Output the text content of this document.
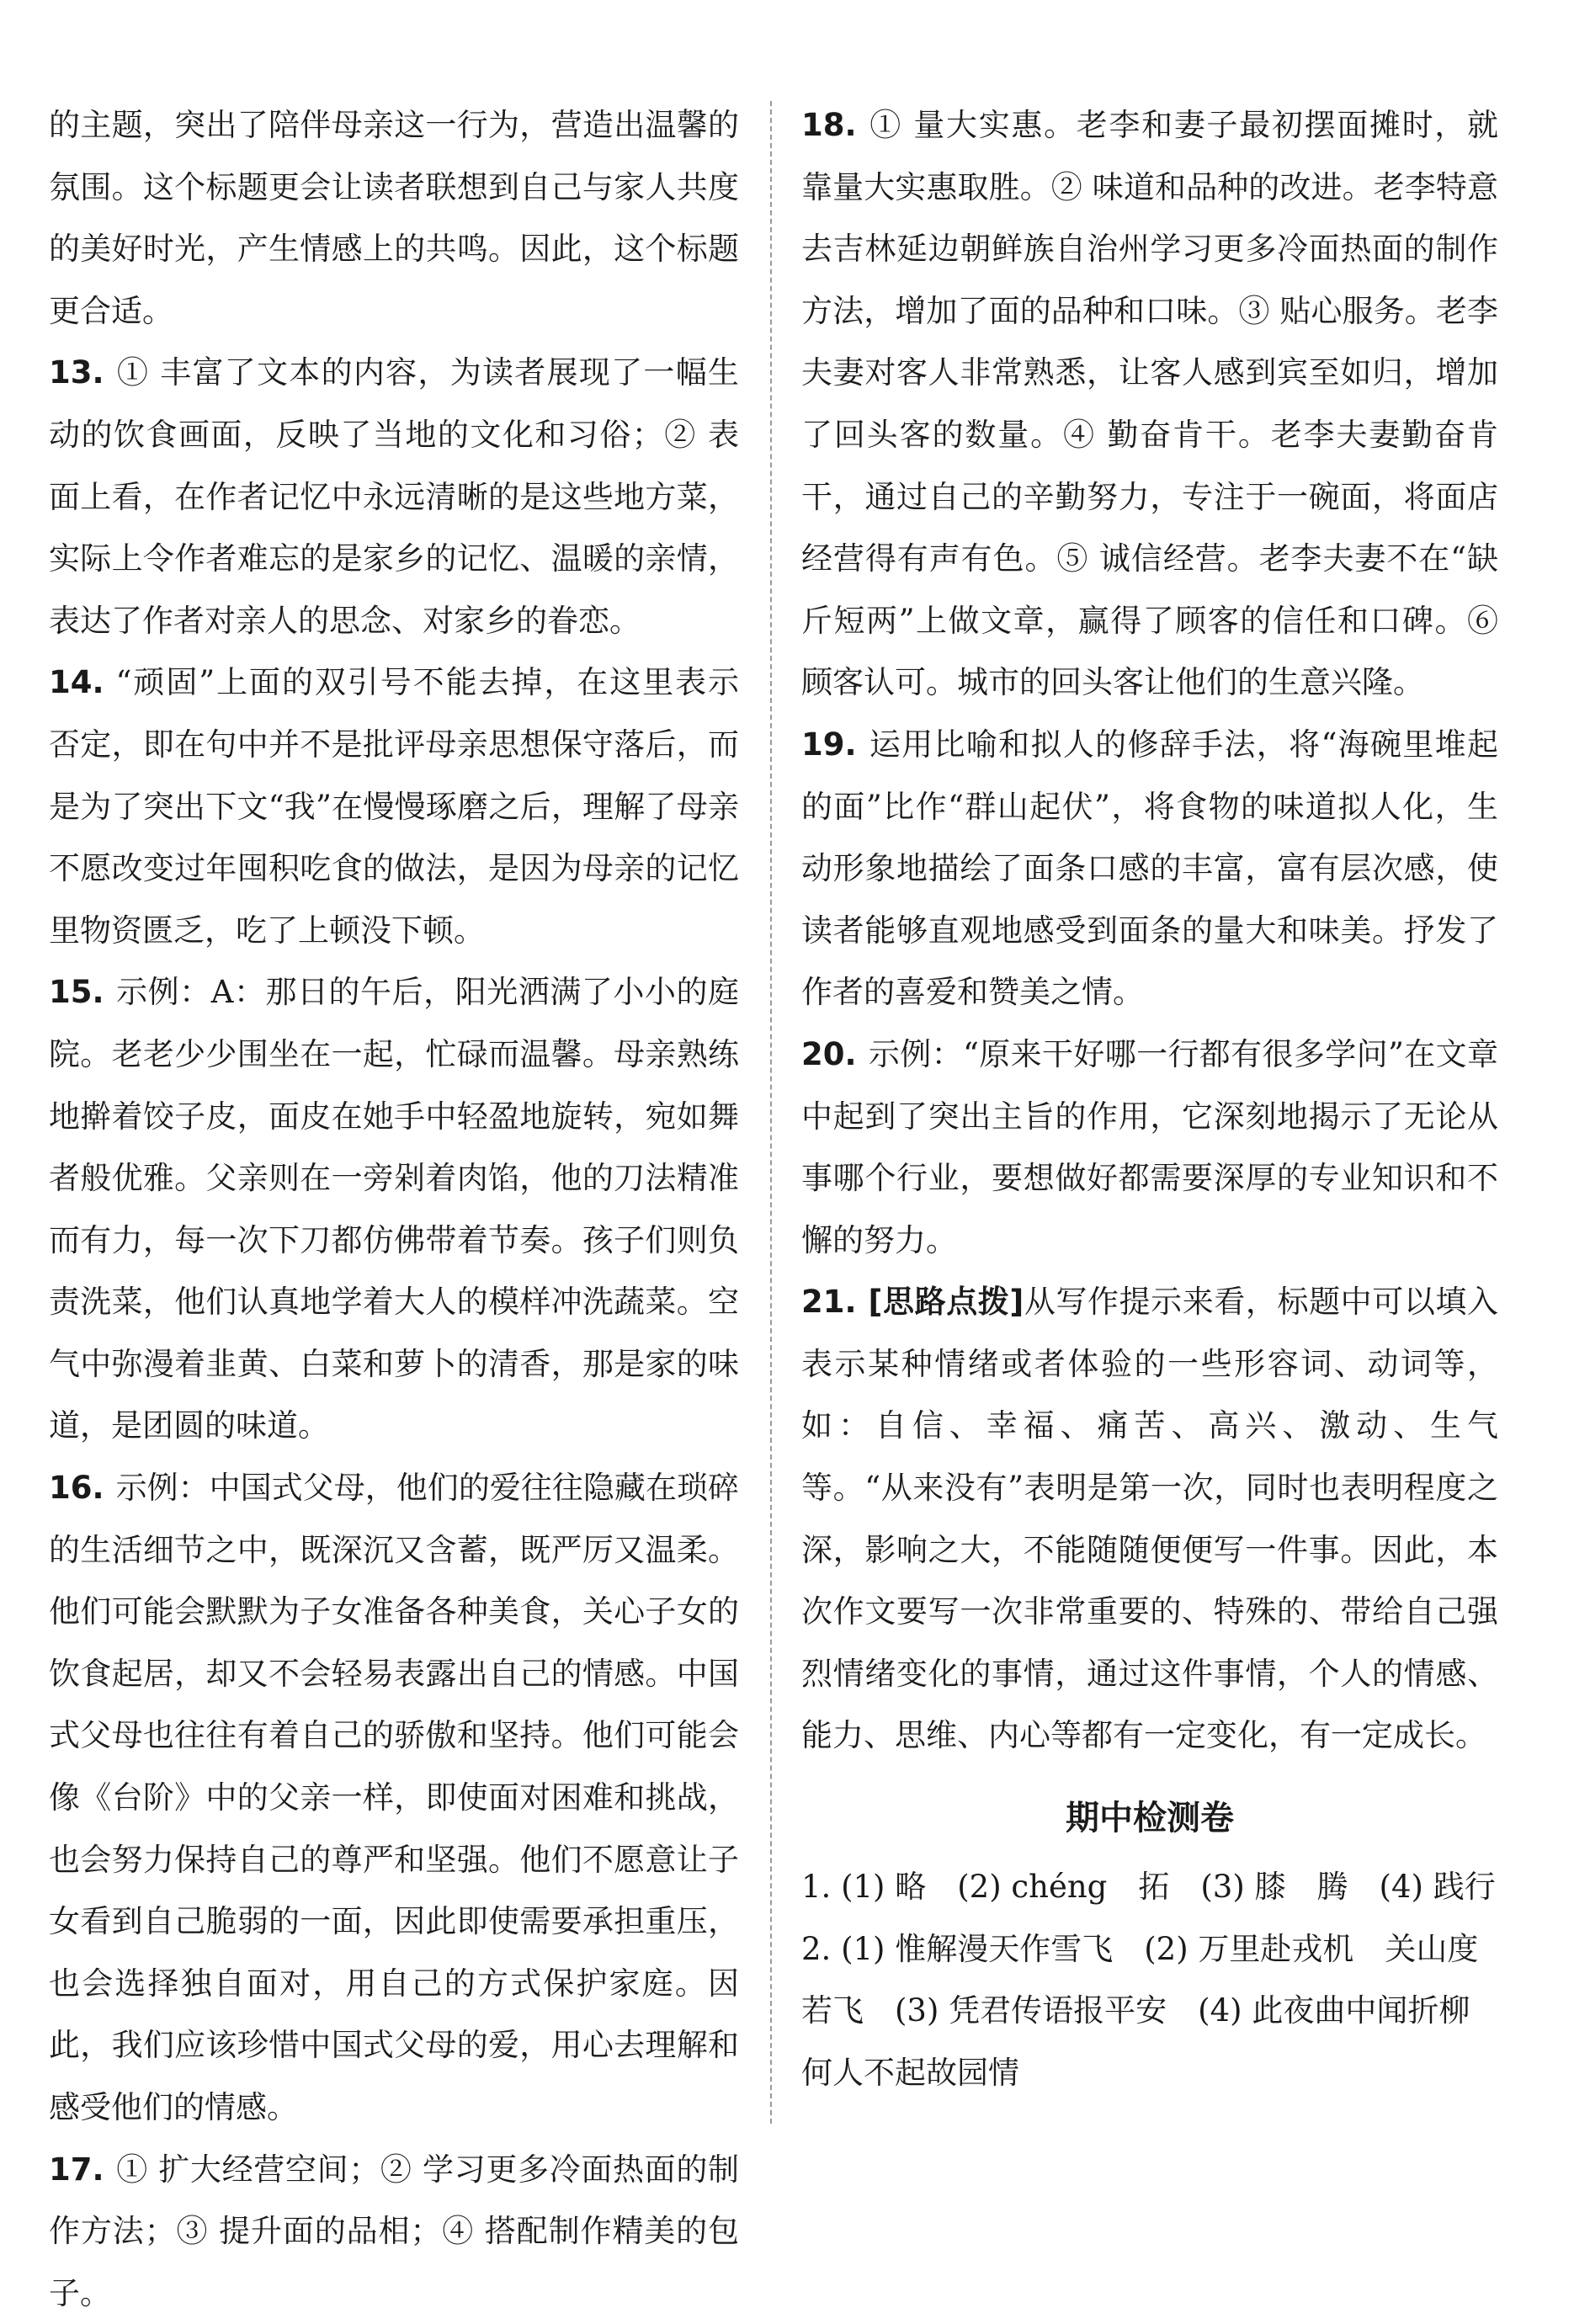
的主题，突出了陪伴母亲这一行为，营造出温馨的氛围。这个标题更会让读者联想到自己与家人共度的美好时光，产生情感上的共鸣。因此，这个标题更合适。

13. ① 丰富了文本的内容，为读者展现了一幅生动的饮食画面，反映了当地的文化和习俗；② 表面上看，在作者记忆中永远清晰的是这些地方菜，实际上令作者难忘的是家乡的记忆、温暖的亲情，表达了作者对亲人的思念、对家乡的眷恋。

14. “顽固”上面的双引号不能去掉，在这里表示否定，即在句中并不是批评母亲思想保守落后，而是为了突出下文“我”在慢慢琢磨之后，理解了母亲不愿改变过年囤积吃食的做法，是因为母亲的记忆里物资匮乏，吃了上顿没下顿。

15. 示例：A：那日的午后，阳光洒满了小小的庭院。老老少少围坐在一起，忙碌而温馨。母亲熟练地擀着饺子皮，面皮在她手中轻盈地旋转，宛如舞者般优雅。父亲则在一旁剁着肉馅，他的刀法精准而有力，每一次下刀都仿佛带着节奏。孩子们则负责洗菜，他们认真地学着大人的模样冲洗蔬菜。空气中弥漫着韭黄、白菜和萝卜的清香，那是家的味道，是团圆的味道。

16. 示例：中国式父母，他们的爱往往隐藏在琐碎的生活细节之中，既深沉又含蓄，既严厉又温柔。他们可能会默默为子女准备各种美食，关心子女的饮食起居，却又不会轻易表露出自己的情感。中国式父母也往往有着自己的骄傲和坚持。他们可能会像《台阶》中的父亲一样，即使面对困难和挑战，也会努力保持自己的尊严和坚强。他们不愿意让子女看到自己脆弱的一面，因此即使需要承担重压，也会选择独自面对，用自己的方式保护家庭。因此，我们应该珍惜中国式父母的爱，用心去理解和感受他们的情感。

17. ① 扩大经营空间；② 学习更多冷面热面的制作方法；③ 提升面的品相；④ 搭配制作精美的包子。

18. ① 量大实惠。老李和妻子最初摆面摊时，就靠量大实惠取胜。② 味道和品种的改进。老李特意去吉林延边朝鲜族自治州学习更多冷面热面的制作方法，增加了面的品种和口味。③ 贴心服务。老李夫妻对客人非常熟悉，让客人感到宾至如归，增加了回头客的数量。④ 勤奋肯干。老李夫妻勤奋肯干，通过自己的辛勤努力，专注于一碗面，将面店经营得有声有色。⑤ 诚信经营。老李夫妻不在“缺斤短两”上做文章，赢得了顾客的信任和口碑。⑥ 顾客认可。城市的回头客让他们的生意兴隆。

19. 运用比喻和拟人的修辞手法，将“海碗里堆起的面”比作“群山起伏”，将食物的味道拟人化，生动形象地描绘了面条口感的丰富，富有层次感，使读者能够直观地感受到面条的量大和味美。抒发了作者的喜爱和赞美之情。

20. 示例：“原来干好哪一行都有很多学问”在文章中起到了突出主旨的作用，它深刻地揭示了无论从事哪个行业，要想做好都需要深厚的专业知识和不懈的努力。

21. [思路点拨]从写作提示来看，标题中可以填入表示某种情绪或者体验的一些形容词、动词等，如：自信、幸福、痛苦、高兴、激动、生气等。“从来没有”表明是第一次，同时也表明程度之深，影响之大，不能随随便便写一件事。因此，本次作文要写一次非常重要的、特殊的、带给自己强烈情绪变化的事情，通过这件事情，个人的情感、能力、思维、内心等都有一定变化，有一定成长。

期中检测卷

1. (1) 略　(2) chéng　拓　(3) 膝　腾　(4) 践行

2. (1) 惟解漫天作雪飞　(2) 万里赴戎机　关山度

若飞　(3) 凭君传语报平安　(4) 此夜曲中闻折柳

何人不起故园情
